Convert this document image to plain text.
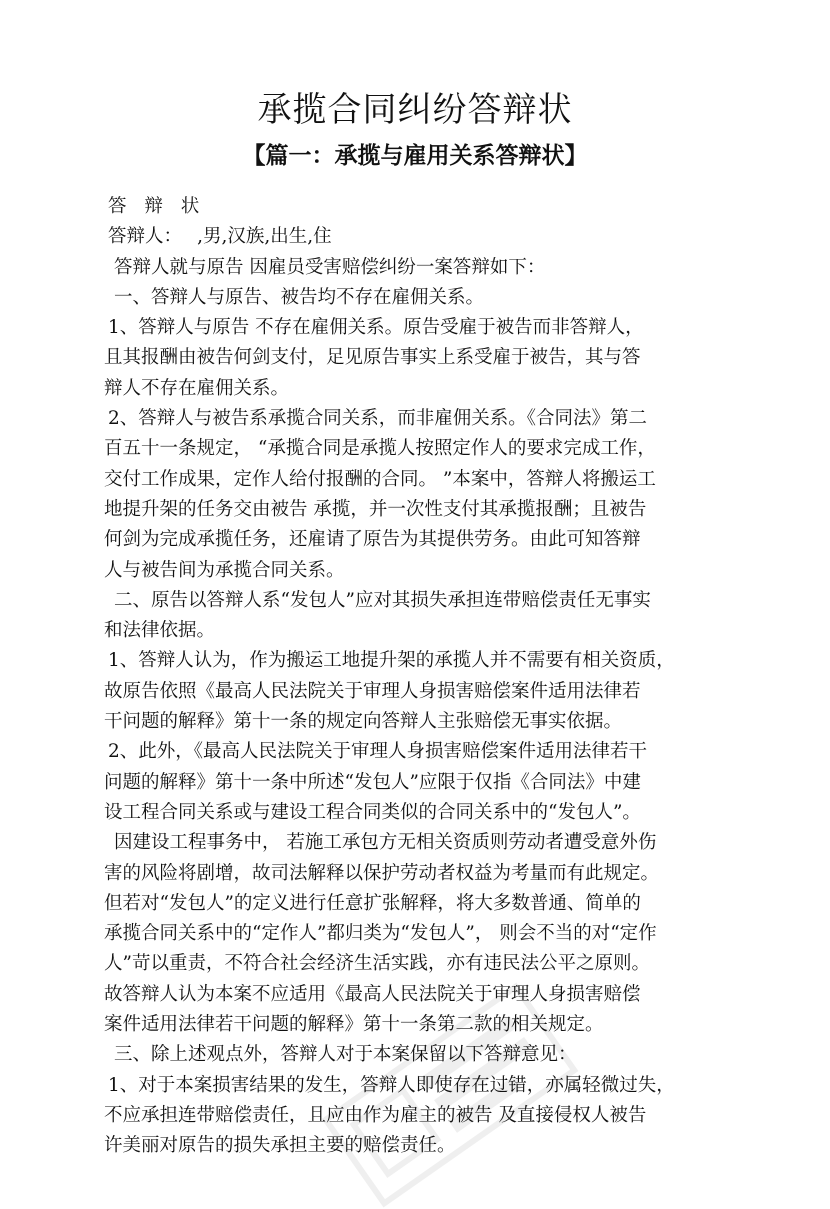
承揽合同纠纷答辩状
【篇一：承揽与雇用关系答辩状】
答 辩 状
答辩人：　 ,男,汉族,出生,住
答辩人就与原告 因雇员受害赔偿纠纷一案答辩如下：
一、答辩人与原告、被告均不存在雇佣关系。
1、答辩人与原告 不存在雇佣关系。原告受雇于被告而非答辩人，
且其报酬由被告何剑支付，足见原告事实上系受雇于被告，其与答
辩人不存在雇佣关系。
2、答辩人与被告系承揽合同关系，而非雇佣关系。《合同法》第二
百五十一条规定， “承揽合同是承揽人按照定作人的要求完成工作，
交付工作成果，定作人给付报酬的合同。 ”本案中，答辩人将搬运工
地提升架的任务交由被告 承揽，并一次性支付其承揽报酬；且被告
何剑为完成承揽任务，还雇请了原告为其提供劳务。由此可知答辩
人与被告间为承揽合同关系。
二、原告以答辩人系“发包人”应对其损失承担连带赔偿责任无事实
和法律依据。
1、答辩人认为，作为搬运工地提升架的承揽人并不需要有相关资质，
故原告依照《最高人民法院关于审理人身损害赔偿案件适用法律若
干问题的解释》第十一条的规定向答辩人主张赔偿无事实依据。
2、此外，《最高人民法院关于审理人身损害赔偿案件适用法律若干
问题的解释》第十一条中所述“发包人”应限于仅指《合同法》中建
设工程合同关系或与建设工程合同类似的合同关系中的“发包人”。
因建设工程事务中， 若施工承包方无相关资质则劳动者遭受意外伤
害的风险将剧增，故司法解释以保护劳动者权益为考量而有此规定。
但若对“发包人”的定义进行任意扩张解释，将大多数普通、简单的
承揽合同关系中的“定作人”都归类为“发包人”， 则会不当的对“定作
人”苛以重责，不符合社会经济生活实践，亦有违民法公平之原则。
故答辩人认为本案不应适用《最高人民法院关于审理人身损害赔偿
案件适用法律若干问题的解释》第十一条第二款的相关规定。
三、除上述观点外，答辩人对于本案保留以下答辩意见：
1、对于本案损害结果的发生，答辩人即使存在过错，亦属轻微过失，
不应承担连带赔偿责任，且应由作为雇主的被告 及直接侵权人被告
许美丽对原告的损失承担主要的赔偿责任。
